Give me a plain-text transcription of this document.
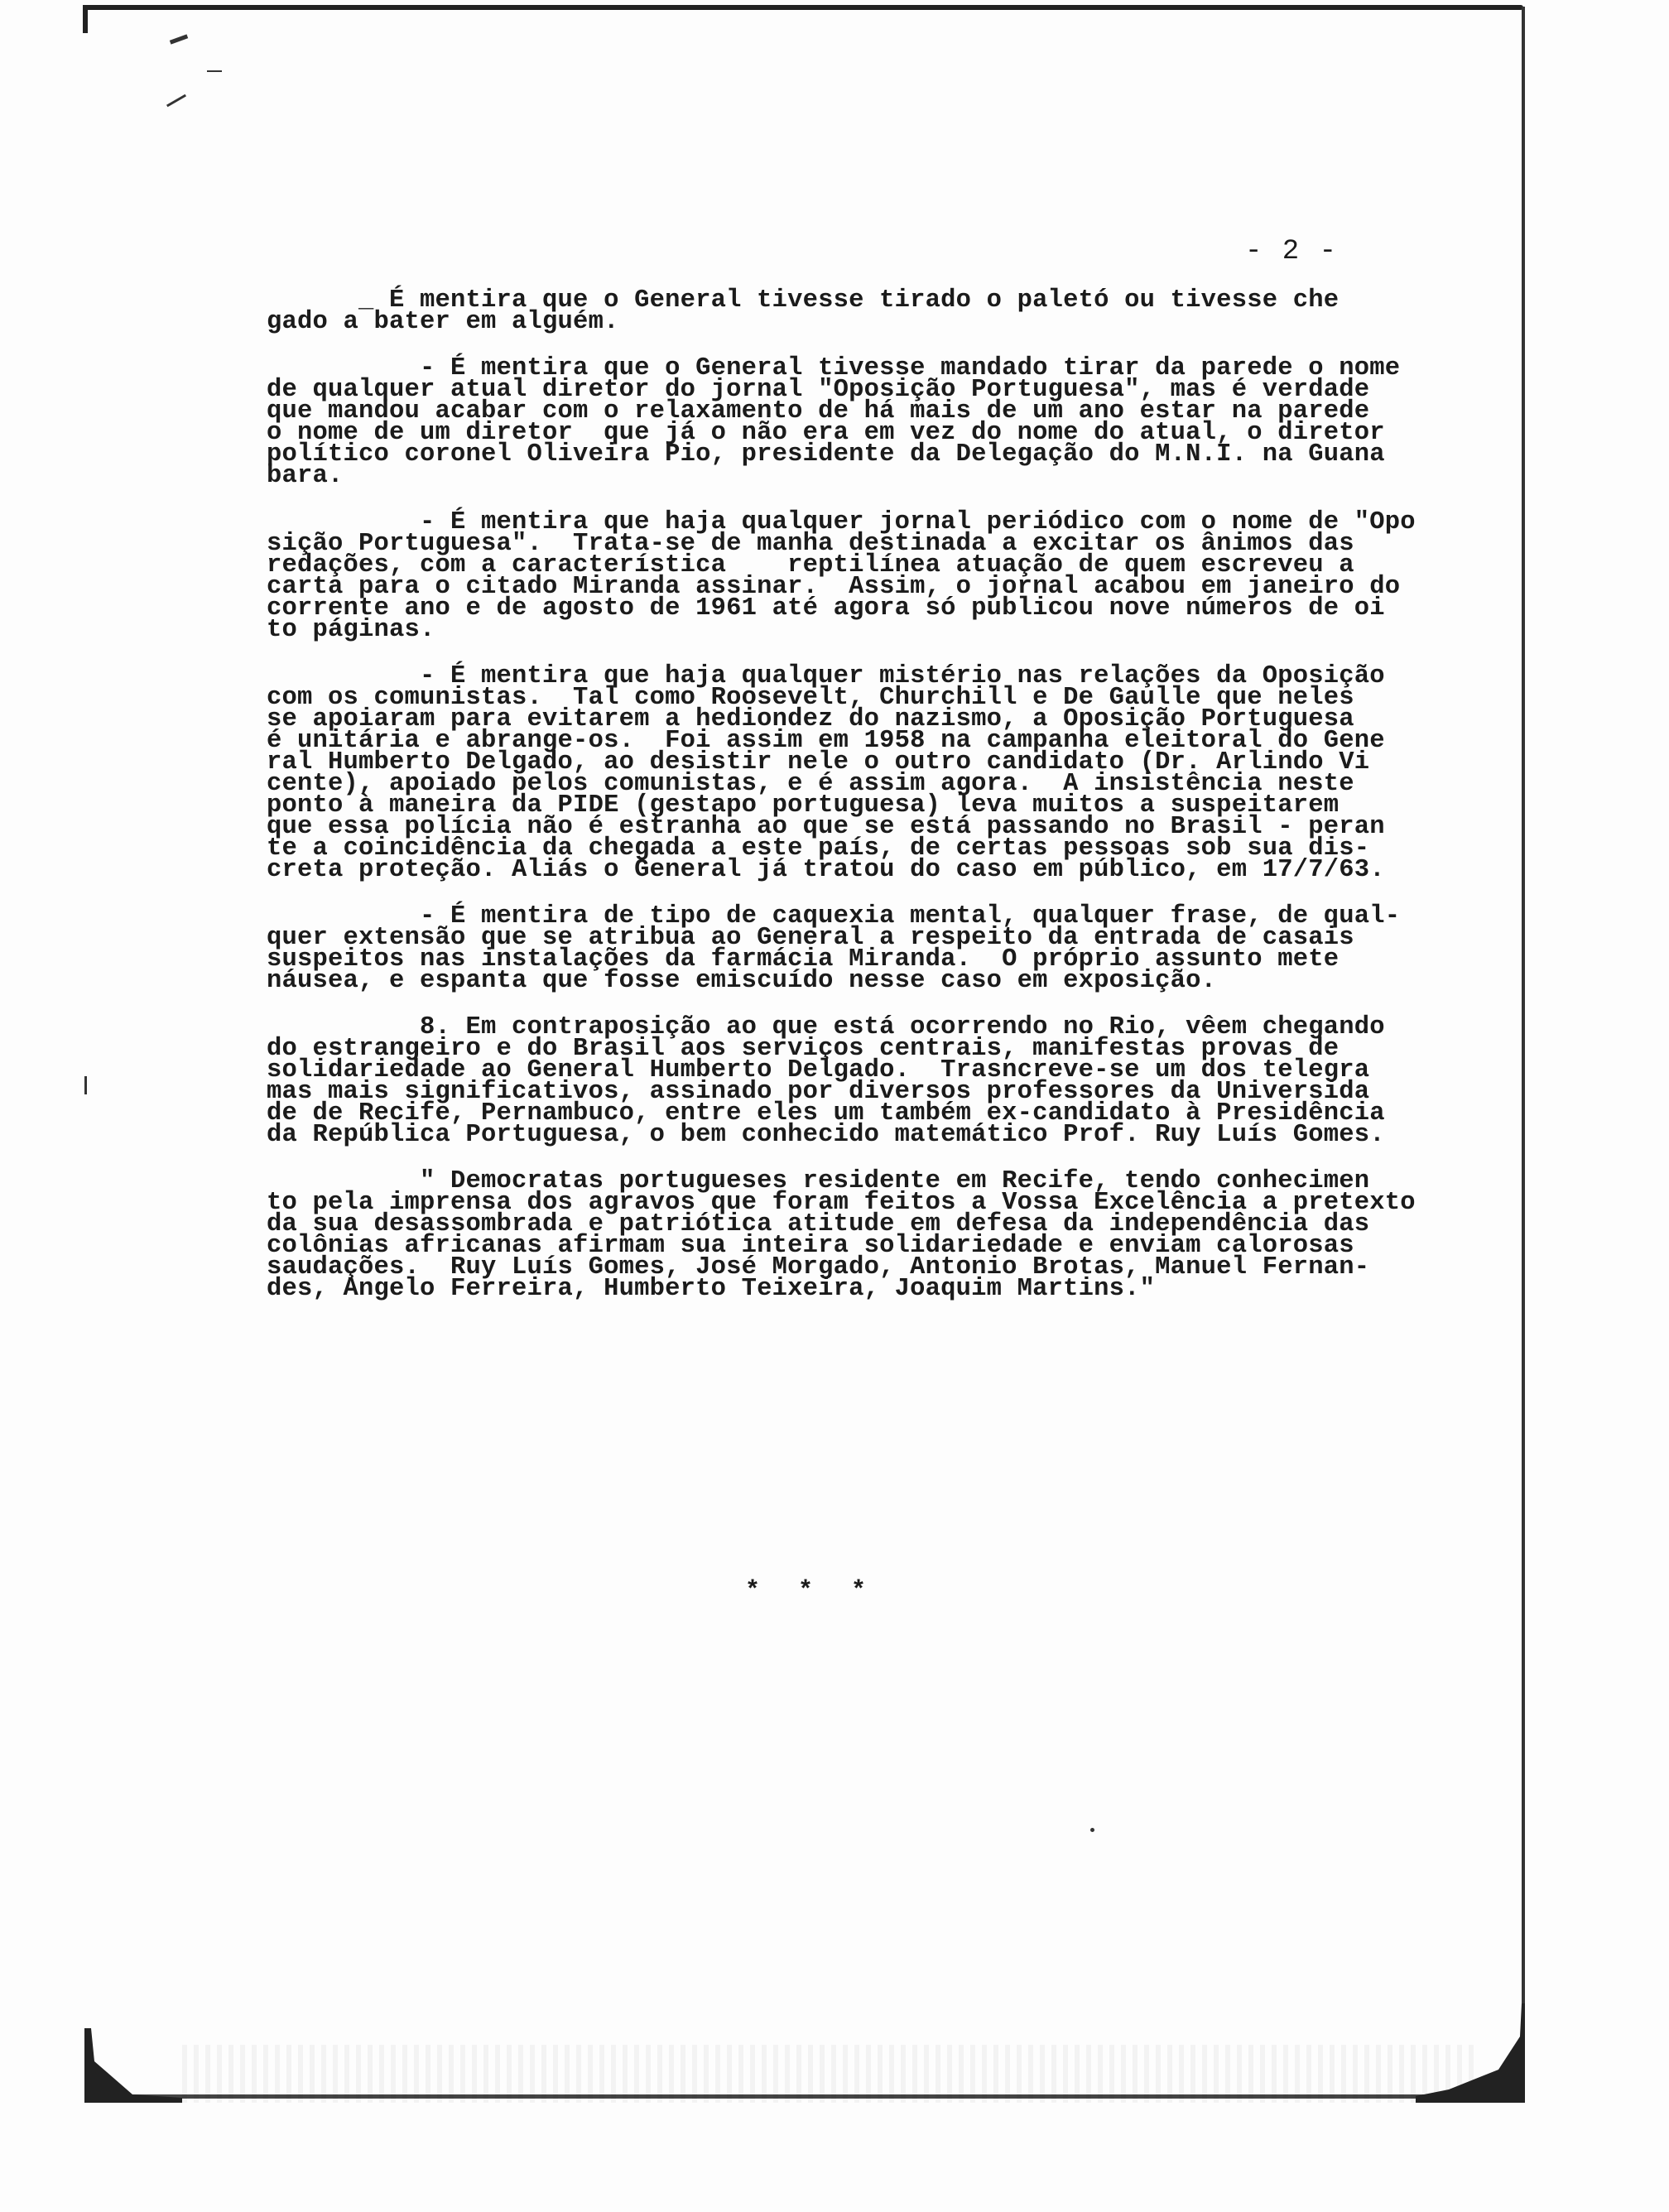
- 2 -
_ É mentira que o General tivesse tirado o paletó ou tivesse che
gado a bater em alguém.
- É mentira que o General tivesse mandado tirar da parede o nome
de qualquer atual diretor do jornal "Oposição Portuguesa", mas é verdade
que mandou acabar com o relaxamento de há mais de um ano estar na parede
o nome de um diretor  que já o não era em vez do nome do atual, o diretor
político coronel Oliveira Pio, presidente da Delegação do M.N.I. na Guana
bara.
- É mentira que haja qualquer jornal periódico com o nome de "Opo
sição Portuguesa".  Trata-se de manha destinada a excitar os ânimos das
redações, com a característica    reptilínea atuação de quem escreveu a
carta para o citado Miranda assinar.  Assim, o jornal acabou em janeiro do
corrente ano e de agosto de 1961 até agora só publicou nove números de oi
to páginas.
- É mentira que haja qualquer mistério nas relações da Oposição
com os comunistas.  Tal como Roosevelt, Churchill e De Gaulle que neles
se apoiaram para evitarem a hediondez do nazismo, a Oposição Portuguesa
é unitária e abrange-os.  Foi assim em 1958 na campanha eleitoral do Gene
ral Humberto Delgado, ao desistir nele o outro candidato (Dr. Arlindo Vi
cente), apoiado pelos comunistas, e é assim agora.  A insistência neste
ponto à maneira da PIDE (gestapo portuguesa) leva muitos a suspeitarem
que essa polícia não é estranha ao que se está passando no Brasil - peran
te a coincidência da chegada a este país, de certas pessoas sob sua dis-
creta proteção. Aliás o General já tratou do caso em público, em 17/7/63.
- É mentira de tipo de caquexia mental, qualquer frase, de qual-
quer extensão que se atribua ao General a respeito da entrada de casais
suspeitos nas instalações da farmácia Miranda.  O próprio assunto mete
náusea, e espanta que fosse emiscuído nesse caso em exposição.
8. Em contraposição ao que está ocorrendo no Rio, vêem chegando
do estrangeiro e do Brasil aos serviços centrais, manifestas provas de
solidariedade ao General Humberto Delgado.  Trasncreve-se um dos telegra
mas mais significativos, assinado por diversos professores da Universida
de de Recife, Pernambuco, entre eles um também ex-candidato à Presidência
da República Portuguesa, o bem conhecido matemático Prof. Ruy Luís Gomes.
" Democratas portugueses residente em Recife, tendo conhecimen
to pela imprensa dos agravos que foram feitos a Vossa Excelência a pretexto
da sua desassombrada e patriótica atitude em defesa da independência das
colônias africanas afirmam sua inteira solidariedade e enviam calorosas
saudações.  Ruy Luís Gomes, José Morgado, Antonio Brotas, Manuel Fernan-
des, Angelo Ferreira, Humberto Teixeira, Joaquim Martins."
* * *
